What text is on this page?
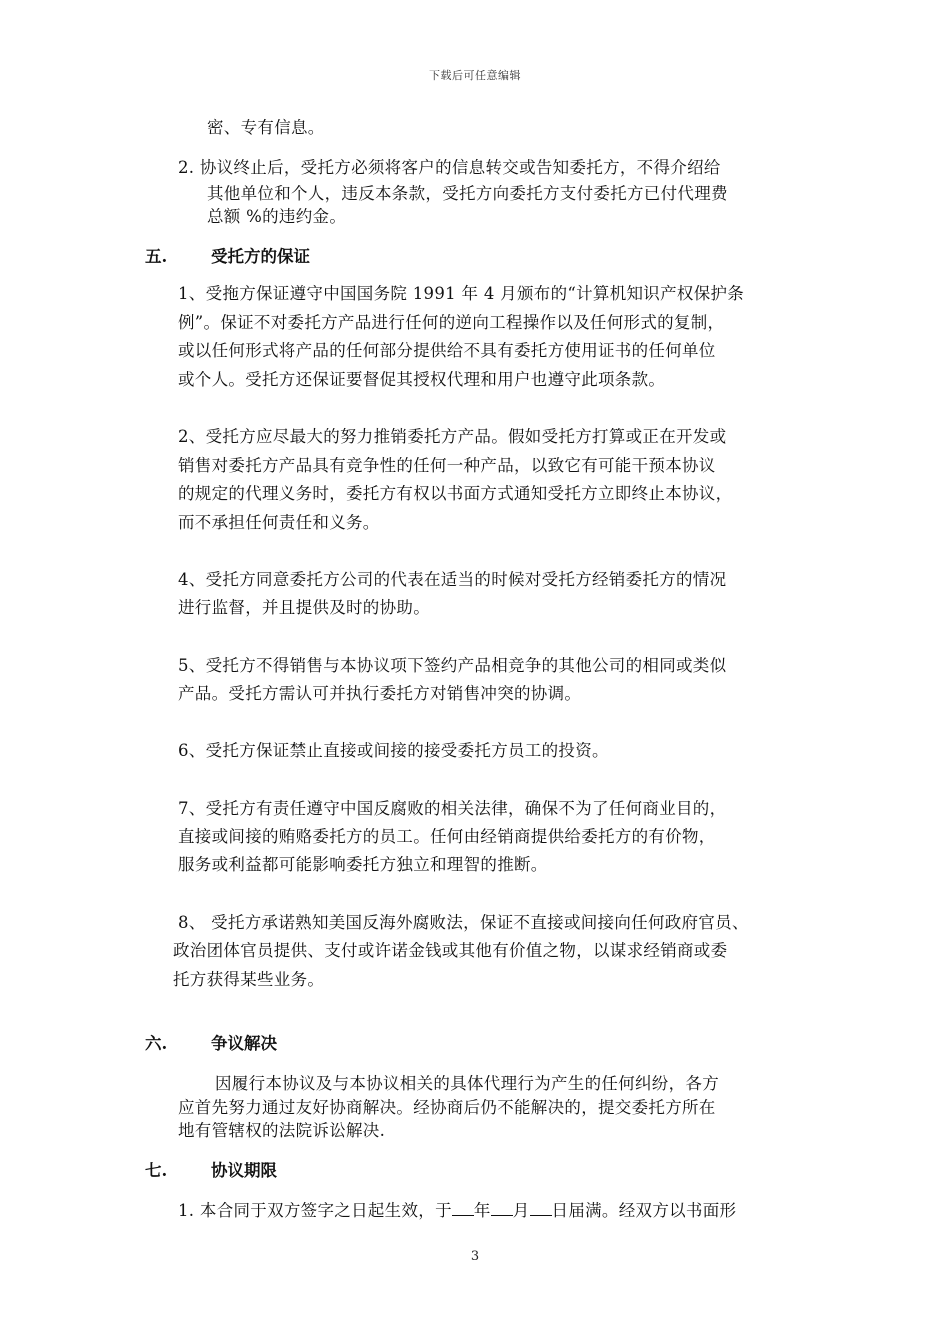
下载后可任意编辑
密、专有信息。
2. 协议终止后，受托方必须将客户的信息转交或告知委托方，不得介绍给
其他单位和个人，违反本条款，受托方向委托方支付委托方已付代理费
总额 %的违约金。
五.	受托方的保证
1、受拖方保证遵守中国国务院 1991 年 4 月颁布的“计算机知识产权保护条
例”。保证不对委托方产品进行任何的逆向工程操作以及任何形式的复制，
或以任何形式将产品的任何部分提供给不具有委托方使用证书的任何单位
或个人。受托方还保证要督促其授权代理和用户也遵守此项条款。
2、受托方应尽最大的努力推销委托方产品。假如受托方打算或正在开发或
销售对委托方产品具有竞争性的任何一种产品，以致它有可能干预本协议
的规定的代理义务时，委托方有权以书面方式通知受托方立即终止本协议，
而不承担任何责任和义务。
4、受托方同意委托方公司的代表在适当的时候对受托方经销委托方的情况
进行监督，并且提供及时的协助。
5、受托方不得销售与本协议项下签约产品相竞争的其他公司的相同或类似
产品。受托方需认可并执行委托方对销售冲突的协调。
6、受托方保证禁止直接或间接的接受委托方员工的投资。
7、受托方有责任遵守中国反腐败的相关法律，确保不为了任何商业目的，
直接或间接的贿赂委托方的员工。任何由经销商提供给委托方的有价物，
服务或利益都可能影响委托方独立和理智的推断。
8、 受托方承诺熟知美国反海外腐败法，保证不直接或间接向任何政府官员、
政治团体官员提供、支付或许诺金钱或其他有价值之物，以谋求经销商或委
托方获得某些业务。
六.	争议解决
因履行本协议及与本协议相关的具体代理行为产生的任何纠纷，各方
应首先努力通过友好协商解决。经协商后仍不能解决的，提交委托方所在
地有管辖权的法院诉讼解决.
七.	协议期限
1. 本合同于双方签字之日起生效，于 年 月 日届满。经双方以书面形
3
